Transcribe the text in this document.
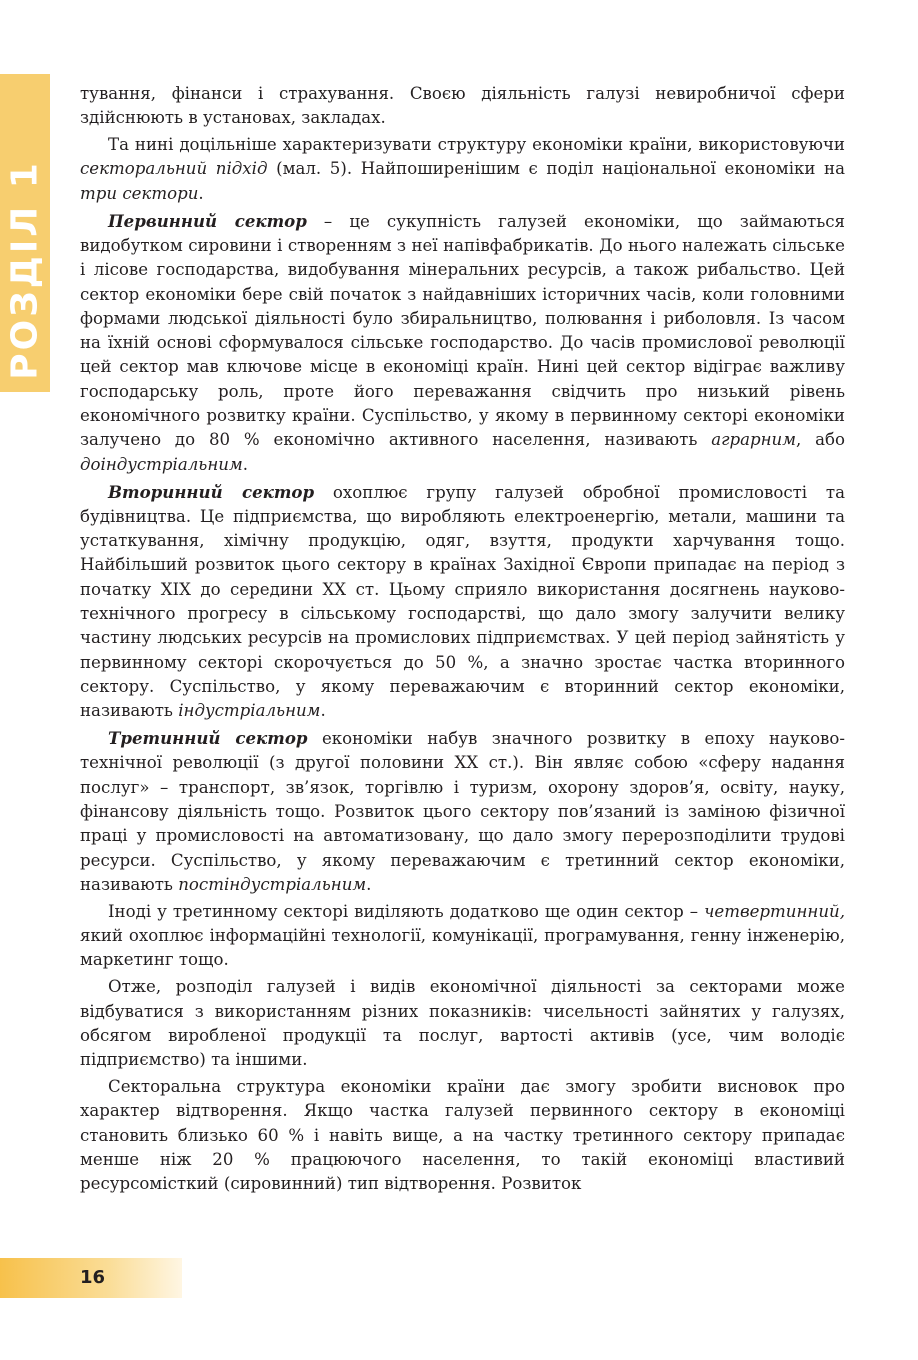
РОЗДІЛ 1

тування, фінанси і страхування. Своєю діяльність галузі невиробничої сфери здійснюють в установах, закладах.

Та нині доцільніше характеризувати структуру економіки країни, використовуючи секторальний підхід (мал. 5). Найпоширенішим є поділ національної економіки на три сектори.

Первинний сектор – це сукупність галузей економіки, що займаються видобутком сировини і створенням з неї напівфабрикатів. До нього належать сільське і лісове господарства, видобування мінеральних ресурсів, а також рибальство. Цей сектор економіки бере свій початок з найдавніших історичних часів, коли головними формами людської діяльності було збиральництво, полювання і риболовля. Із часом на їхній основі сформувалося сільське господарство. До часів промислової революції цей сектор мав ключове місце в економіці країн. Нині цей сектор відіграє важливу господарську роль, проте його переважання свідчить про низький рівень економічного розвитку країни. Суспільство, у якому в первинному секторі економіки залучено до 80 % економічно активного населення, називають аграрним, або доіндустріальним.

Вторинний сектор охоплює групу галузей обробної промисловості та будівництва. Це підприємства, що виробляють електроенергію, метали, машини та устаткування, хімічну продукцію, одяг, взуття, продукти харчування тощо. Найбільший розвиток цього сектору в країнах Західної Європи припадає на період з початку XIX до середини XX ст. Цьому сприяло використання досягнень науково-технічного прогресу в сільському господарстві, що дало змогу залучити велику частину людських ресурсів на промислових підприємствах. У цей період зайнятість у первинному секторі скорочується до 50 %, а значно зростає частка вторинного сектору. Суспільство, у якому переважаючим є вторинний сектор економіки, називають індустріальним.

Третинний сектор економіки набув значного розвитку в епоху науково-технічної революції (з другої половини XX ст.). Він являє собою «сферу надання послуг» – транспорт, зв’язок, торгівлю і туризм, охорону здоров’я, освіту, науку, фінансову діяльність тощо. Розвиток цього сектору пов’язаний із заміною фізичної праці у промисловості на автоматизовану, що дало змогу перерозподілити трудові ресурси. Суспільство, у якому переважаючим є третинний сектор економіки, називають постіндустріальним.

Іноді у третинному секторі виділяють додатково ще один сектор – четвертинний, який охоплює інформаційні технології, комунікації, програмування, генну інженерію, маркетинг тощо.

Отже, розподіл галузей і видів економічної діяльності за секторами може відбуватися з використанням різних показників: чисельності зайнятих у галузях, обсягом виробленої продукції та послуг, вартості активів (усе, чим володіє підприємство) та іншими.

Секторальна структура економіки країни дає змогу зробити висновок про характер відтворення. Якщо частка галузей первинного сектору в економіці становить близько 60 % і навіть вище, а на частку третинного сектору припадає менше ніж 20 % працюючого населення, то такій економіці властивий ресурсомісткий (сировинний) тип відтворення. Розвиток

16
